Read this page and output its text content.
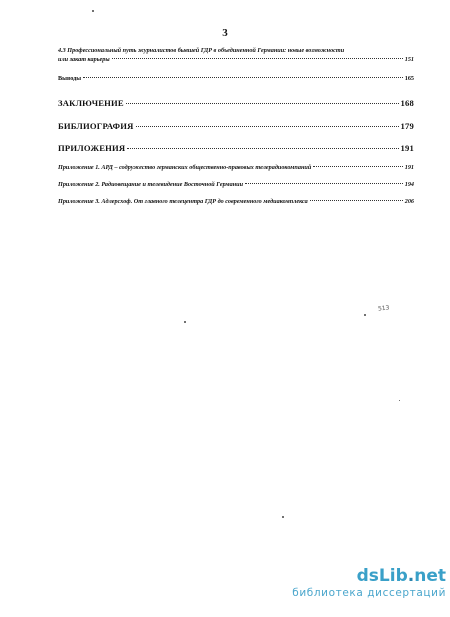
3
4.3 Профессиональный путь журналистов бывшей ГДР в объединенной Германии: новые возможности
или закат карьеры	151
Выводы	165
ЗАКЛЮЧЕНИЕ	168
БИБЛИОГРАФИЯ	179
ПРИЛОЖЕНИЯ	191
Приложение 1. АРД – содружество германских общественно-правовых телерадиокомпаний	191
Приложение 2. Радиовещание и телевидение Восточной Германии	194
Приложение 3. Адлерсхоф. От главного телецентра ГДР до современного медиакомплекса	206
513
dsLib.net
библиотека диссертаций
